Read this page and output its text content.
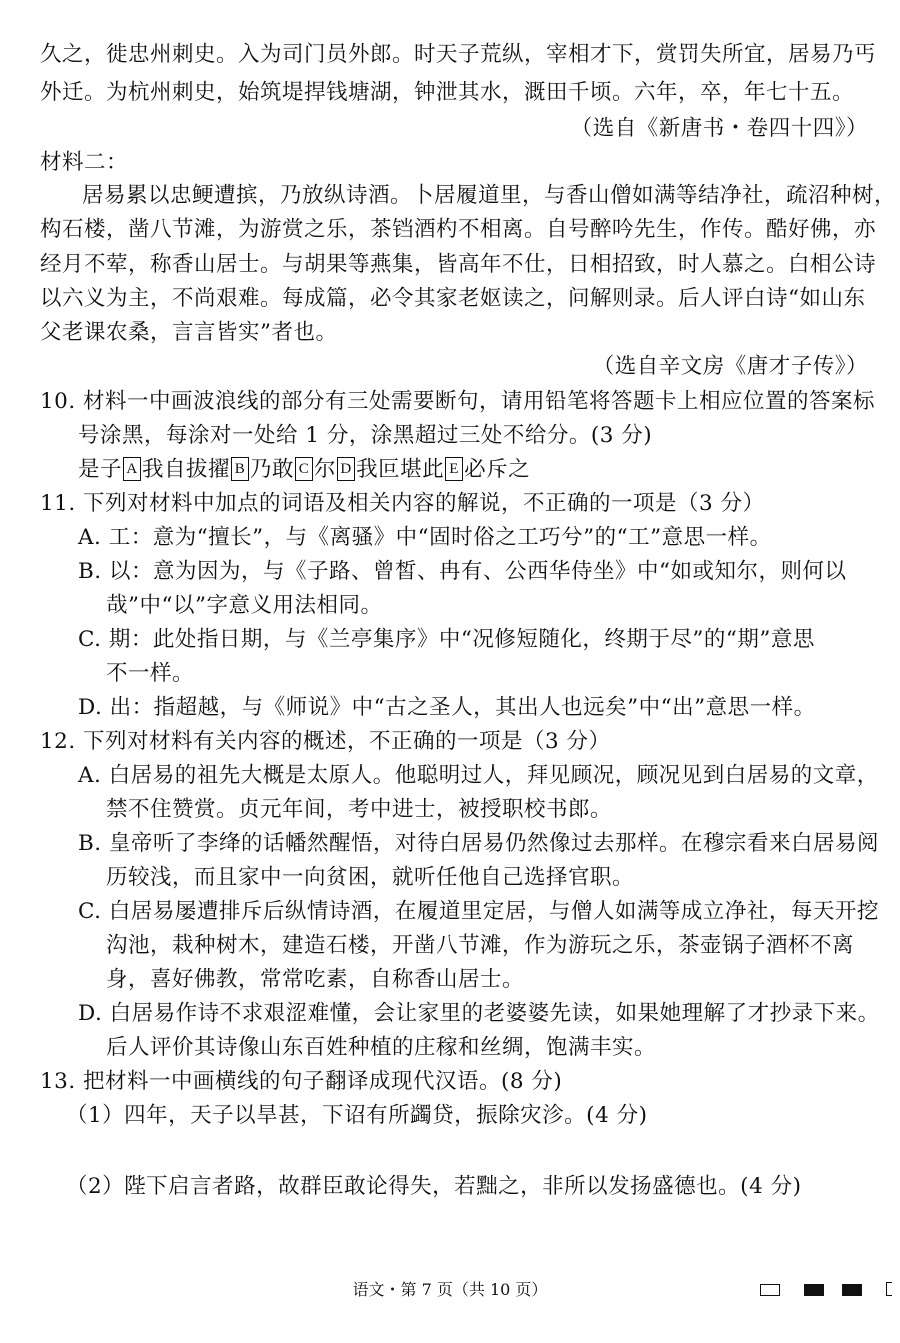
久之，徙忠州刺史。入为司门员外郎。时天子荒纵，宰相才下，赏罚失所宜，居易乃丐
外迁。为杭州刺史，始筑堤捍钱塘湖，钟泄其水，溉田千顷。六年，卒，年七十五。
（选自《新唐书・卷四十四》）
材料二：
居易累以忠鲠遭摈，乃放纵诗酒。卜居履道里，与香山僧如满等结净社，疏沼种树，
构石楼，凿八节滩，为游赏之乐，茶铛酒杓不相离。自号醉吟先生，作传。酷好佛，亦
经月不荤，称香山居士。与胡果等燕集，皆高年不仕，日相招致，时人慕之。白相公诗
以六义为主，不尚艰难。每成篇，必令其家老妪读之，问解则录。后人评白诗“如山东
父老课农桑，言言皆实”者也。
（选自辛文房《唐才子传》）
10. 材料一中画波浪线的部分有三处需要断句，请用铅笔将答题卡上相应位置的答案标
号涂黑，每涂对一处给 1 分，涂黑超过三处不给分。(3 分)
是子 A 我自拔擢 B 乃敢 C 尔 D 我叵堪此 E 必斥之
11. 下列对材料中加点的词语及相关内容的解说，不正确的一项是（3 分）
A. 工：意为“擅长”，与《离骚》中“固时俗之工巧兮”的“工”意思一样。
B. 以：意为因为，与《子路、曾皙、冉有、公西华侍坐》中“如或知尔，则何以
哉”中“以”字意义用法相同。
C. 期：此处指日期，与《兰亭集序》中“况修短随化，终期于尽”的“期”意思
不一样。
D. 出：指超越，与《师说》中“古之圣人，其出人也远矣”中“出”意思一样。
12. 下列对材料有关内容的概述，不正确的一项是（3 分）
A. 白居易的祖先大概是太原人。他聪明过人，拜见顾况，顾况见到白居易的文章，
禁不住赞赏。贞元年间，考中进士，被授职校书郎。
B. 皇帝听了李绛的话幡然醒悟，对待白居易仍然像过去那样。在穆宗看来白居易阅
历较浅，而且家中一向贫困，就听任他自己选择官职。
C. 白居易屡遭排斥后纵情诗酒，在履道里定居，与僧人如满等成立净社，每天开挖
沟池，栽种树木，建造石楼，开凿八节滩，作为游玩之乐，茶壶锅子酒杯不离
身，喜好佛教，常常吃素，自称香山居士。
D. 白居易作诗不求艰涩难懂，会让家里的老婆婆先读，如果她理解了才抄录下来。
后人评价其诗像山东百姓种植的庄稼和丝绸，饱满丰实。
13. 把材料一中画横线的句子翻译成现代汉语。(8 分)
（1）四年，天子以旱甚，下诏有所蠲贷，振除灾沴。(4 分)
（2）陛下启言者路，故群臣敢论得失，若黜之，非所以发扬盛德也。(4 分)
语文・第 7 页（共 10 页）
